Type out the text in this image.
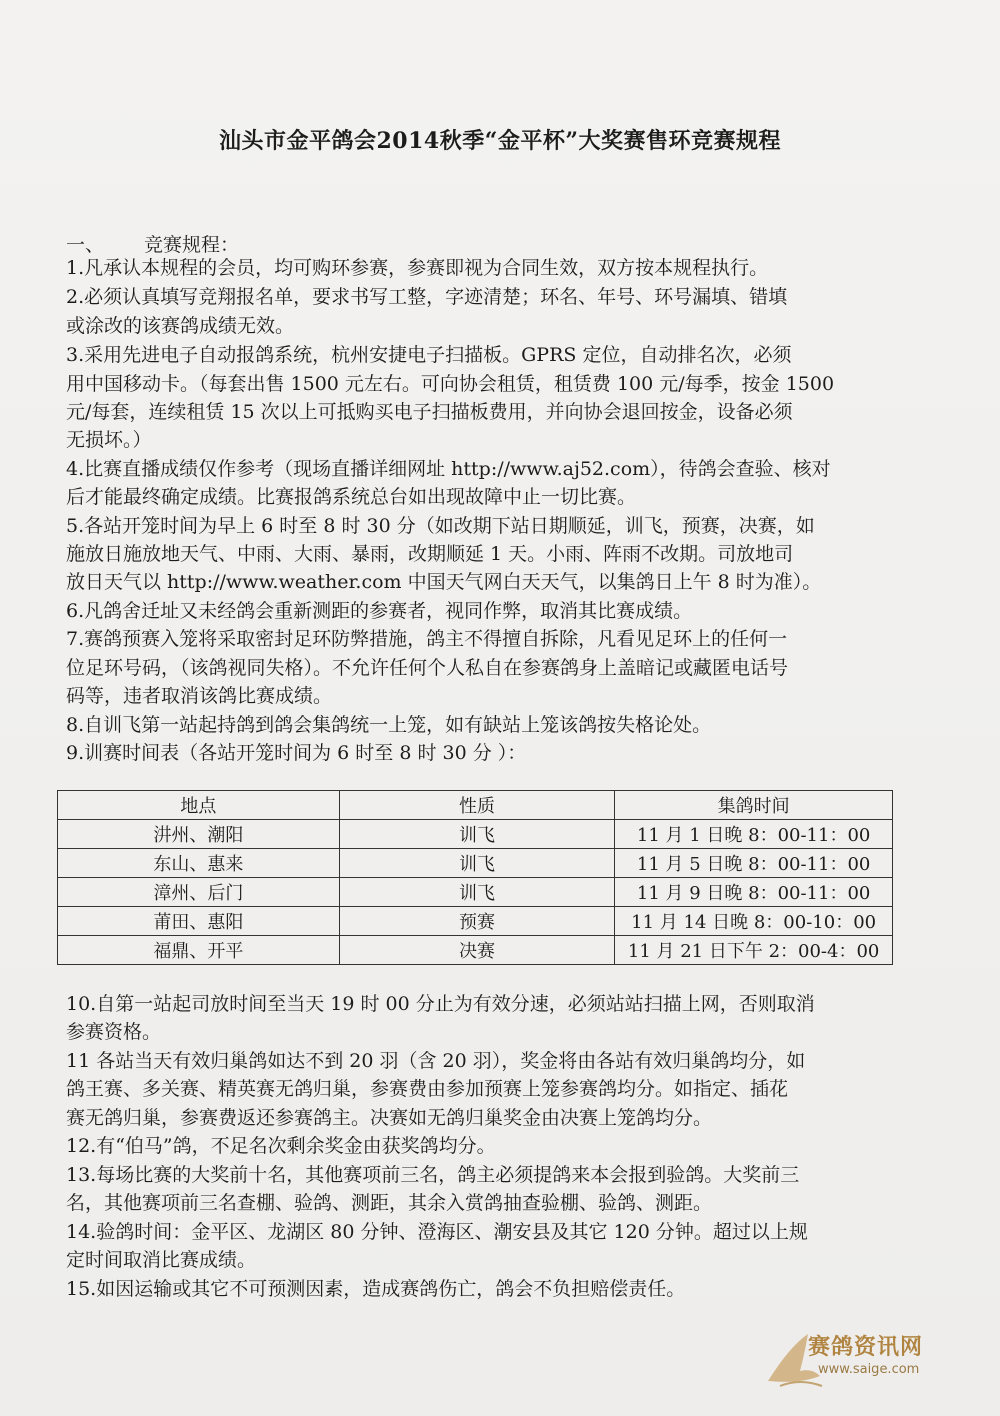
汕头市金平鸽会2014秋季“金平杯”大奖赛售环竞赛规程
一、 竞赛规程：
1.凡承认本规程的会员，均可购环参赛，参赛即视为合同生效，双方按本规程执行。
2.必须认真填写竞翔报名单，要求书写工整，字迹清楚；环名、年号、环号漏填、错填
或涂改的该赛鸽成绩无效。
3.采用先进电子自动报鸽系统，杭州安捷电子扫描板。GPRS 定位，自动排名次，必须
用中国移动卡。（每套出售 1500 元左右。可向协会租赁，租赁费 100 元/每季，按金 1500
元/每套，连续租赁 15 次以上可抵购买电子扫描板费用，并向协会退回按金，设备必须
无损坏。）
4.比赛直播成绩仅作参考（现场直播详细网址 http://www.aj52.com），待鸽会查验、核对
后才能最终确定成绩。比赛报鸽系统总台如出现故障中止一切比赛。
5.各站开笼时间为早上 6 时至 8 时 30 分（如改期下站日期顺延，训飞，预赛，决赛，如
施放日施放地天气、中雨、大雨、暴雨，改期顺延 1 天。小雨、阵雨不改期。司放地司
放日天气以 http://www.weather.com 中国天气网白天天气，以集鸽日上午 8 时为准）。
6.凡鸽舍迁址又未经鸽会重新测距的参赛者，视同作弊，取消其比赛成绩。
7.赛鸽预赛入笼将采取密封足环防弊措施，鸽主不得擅自拆除，凡看见足环上的任何一
位足环号码，（该鸽视同失格）。不允许任何个人私自在参赛鸽身上盖暗记或藏匿电话号
码等，违者取消该鸽比赛成绩。
8.自训飞第一站起持鸽到鸽会集鸽统一上笼，如有缺站上笼该鸽按失格论处。
9.训赛时间表（各站开笼时间为 6 时至 8 时 30 分 ）：
地点	性质	集鸽时间
汫州、潮阳	训飞	11 月 1 日晚 8：00-11：00
东山、惠来	训飞	11 月 5 日晚 8：00-11：00
漳州、后门	训飞	11 月 9 日晚 8：00-11：00
莆田、惠阳	预赛	11 月 14 日晚 8：00-10：00
福鼎、开平	决赛	11 月 21 日下午 2：00-4：00
10.自第一站起司放时间至当天 19 时 00 分止为有效分速，必须站站扫描上网，否则取消
参赛资格。
11 各站当天有效归巢鸽如达不到 20 羽（含 20 羽），奖金将由各站有效归巢鸽均分，如
鸽王赛、多关赛、精英赛无鸽归巢，参赛费由参加预赛上笼参赛鸽均分。如指定、插花
赛无鸽归巢，参赛费返还参赛鸽主。决赛如无鸽归巢奖金由决赛上笼鸽均分。
12.有“伯马”鸽，不足名次剩余奖金由获奖鸽均分。
13.每场比赛的大奖前十名，其他赛项前三名，鸽主必须提鸽来本会报到验鸽。大奖前三
名，其他赛项前三名查棚、验鸽、测距，其余入赏鸽抽查验棚、验鸽、测距。
14.验鸽时间：金平区、龙湖区 80 分钟、澄海区、潮安县及其它 120 分钟。超过以上规
定时间取消比赛成绩。
15.如因运输或其它不可预测因素，造成赛鸽伤亡，鸽会不负担赔偿责任。
赛鸽资讯网
www.saige.com
